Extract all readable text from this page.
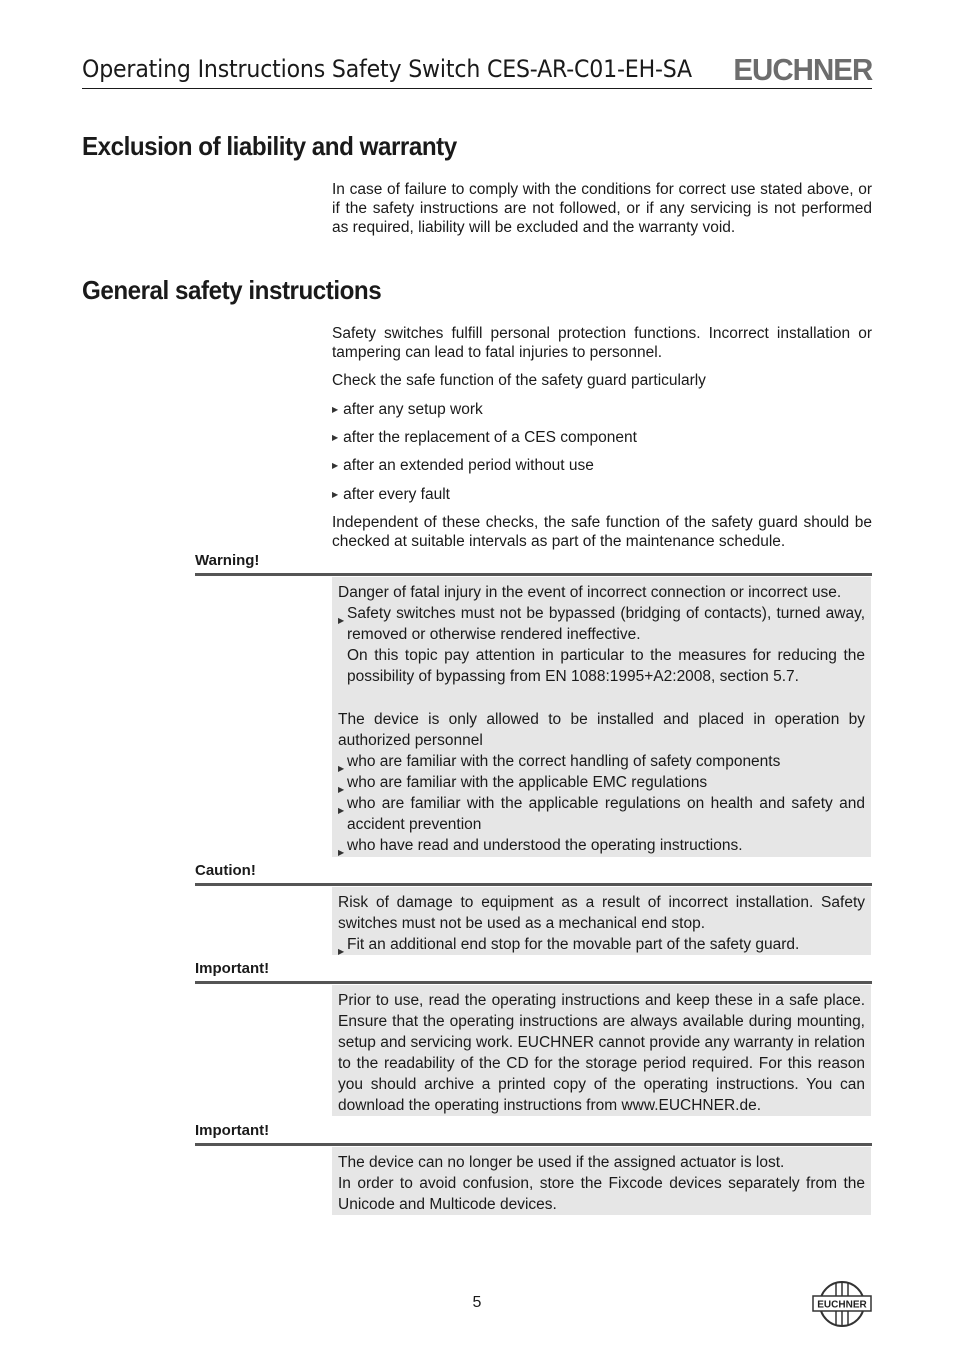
Operating Instructions Safety Switch CES-AR-C01-EH-SA EUCHNER
Exclusion of liability and warranty

In case of failure to comply with the conditions for correct use stated above, or if the safety instructions are not followed, or if any servicing is not performed as required, liability will be excluded and the warranty void.

General safety instructions

Safety switches fulfill personal protection functions. Incorrect installation or tampering can lead to fatal injuries to personnel.

Check the safe function of the safety guard particularly

▶ after any setup work
▶ after the replacement of a CES component
▶ after an extended period without use
▶ after every fault

Independent of these checks, the safe function of the safety guard should be checked at suitable intervals as part of the maintenance schedule.

Warning!

Danger of fatal injury in the event of incorrect connection or incorrect use.

▶ Safety switches must not be bypassed (bridging of contacts), turned away, removed or otherwise rendered ineffective.
On this topic pay attention in particular to the measures for reducing the possibility of bypassing from EN 1088:1995+A2:2008, section 5.7.

The device is only allowed to be installed and placed in operation by authorized personnel

▶ who are familiar with the correct handling of safety components
▶ who are familiar with the applicable EMC regulations
▶ who are familiar with the applicable regulations on health and safety and accident prevention
▶ who have read and understood the operating instructions.
Caution!

Risk of damage to equipment as a result of incorrect installation. Safety switches must not be used as a mechanical end stop.

▶ Fit an additional end stop for the movable part of the safety guard.
Important!

Prior to use, read the operating instructions and keep these in a safe place. Ensure that the operating instructions are always available during mounting, setup and servicing work. EUCHNER cannot provide any warranty in relation to the readability of the CD for the storage period required. For this reason you should archive a printed copy of the operating instructions. You can download the operating instructions from www.EUCHNER.de.

Important!

The device can no longer be used if the assigned actuator is lost.

In order to avoid confusion, store the Fixcode devices separately from the Unicode and Multicode devices.

5	EUCHNER
